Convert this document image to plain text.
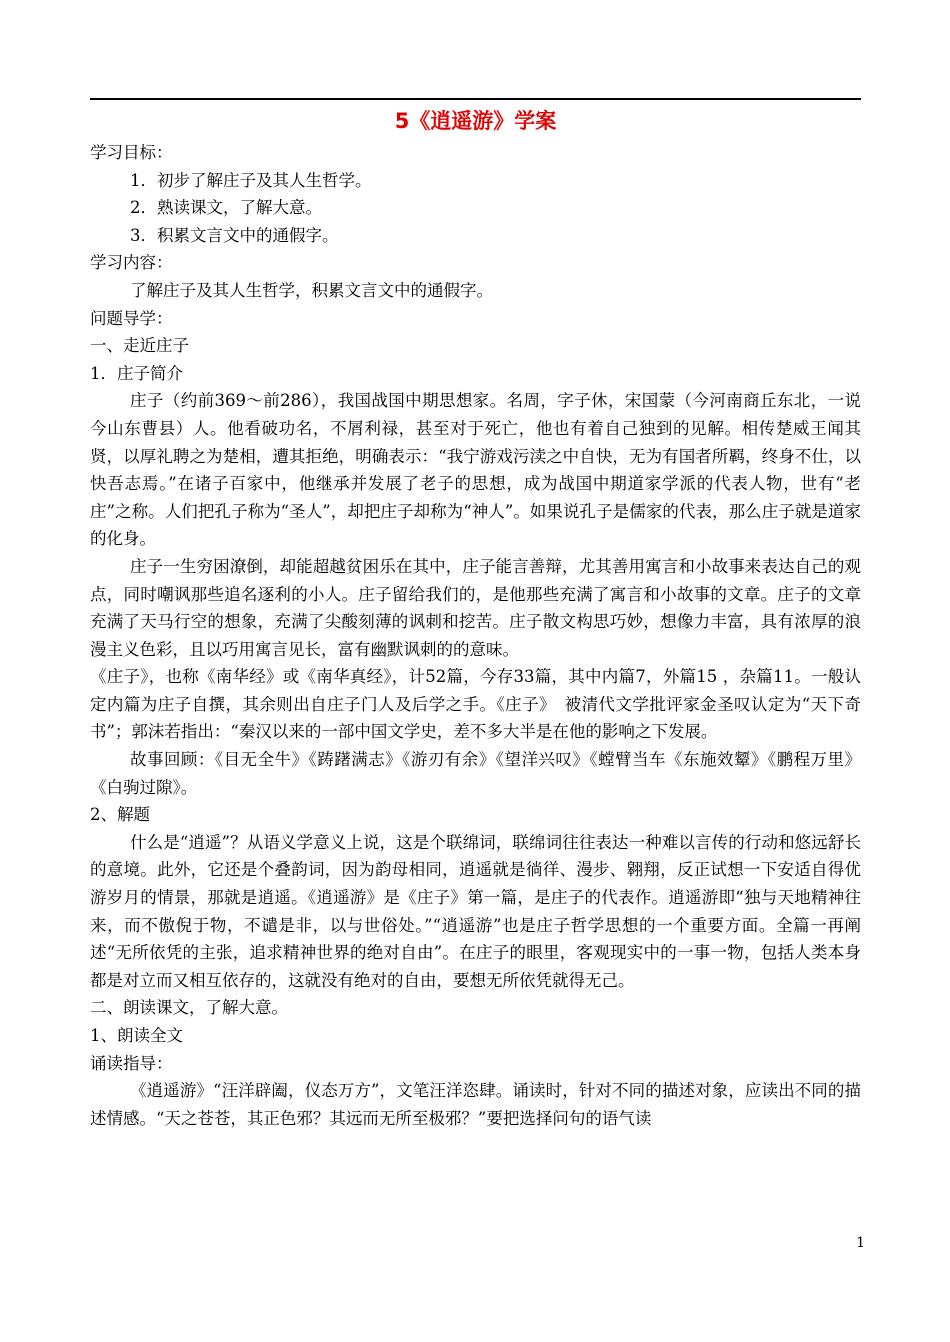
5《逍遥游》学案

学习目标：

1．初步了解庄子及其人生哲学。

2．熟读课文，了解大意。

3．积累文言文中的通假字。

学习内容：

了解庄子及其人生哲学，积累文言文中的通假字。

问题导学：

一、走近庄子

1．庄子简介

庄子（约前369～前286），我国战国中期思想家。名周，字子休，宋国蒙（今河南商丘东北，一说今山东曹县）人。他看破功名，不屑利禄，甚至对于死亡，他也有着自己独到的见解。相传楚威王闻其贤，以厚礼聘之为楚相，遭其拒绝，明确表示：“我宁游戏污渎之中自快，无为有国者所羁，终身不仕，以快吾志焉。”在诸子百家中，他继承并发展了老子的思想，成为战国中期道家学派的代表人物，世有“老庄”之称。人们把孔子称为“圣人”，却把庄子却称为“神人”。如果说孔子是儒家的代表，那么庄子就是道家的化身。

庄子一生穷困潦倒，却能超越贫困乐在其中，庄子能言善辩，尤其善用寓言和小故事来表达自己的观点，同时嘲讽那些追名逐利的小人。庄子留给我们的，是他那些充满了寓言和小故事的文章。庄子的文章充满了天马行空的想象，充满了尖酸刻薄的讽刺和挖苦。庄子散文构思巧妙，想像力丰富，具有浓厚的浪漫主义色彩，且以巧用寓言见长，富有幽默讽刺的的意味。

《庄子》，也称《南华经》或《南华真经》，计52篇，今存33篇，其中内篇7，外篇15 ，杂篇11。一般认定内篇为庄子自撰，其余则出自庄子门人及后学之手。《庄子》　被清代文学批评家金圣叹认定为“天下奇书”；郭沫若指出：“秦汉以来的一部中国文学史，差不多大半是在他的影响之下发展。

故事回顾：《目无全牛》《踌躇满志》《游刃有余》《望洋兴叹》《螳臂当车《东施效颦》《鹏程万里》《白驹过隙》。

2、解题

什么是“逍遥”？从语义学意义上说，这是个联绵词，联绵词往往表达一种难以言传的行动和悠远舒长的意境。此外，它还是个叠韵词，因为韵母相同，逍遥就是徜徉、漫步、翱翔，反正试想一下安适自得优游岁月的情景，那就是逍遥。《逍遥游》是《庄子》第一篇，是庄子的代表作。逍遥游即“独与天地精神往来，而不傲倪于物，不谴是非，以与世俗处。”“逍遥游”也是庄子哲学思想的一个重要方面。全篇一再阐述“无所依凭的主张，追求精神世界的绝对自由”。在庄子的眼里，客观现实中的一事一物，包括人类本身都是对立而又相互依存的，这就没有绝对的自由，要想无所依凭就得无己。

二、朗读课文，了解大意。

1、朗读全文

诵读指导：

《逍遥游》“汪洋辟阖，仪态万方”，文笔汪洋恣肆。诵读时，针对不同的描述对象，应读出不同的描述情感。“天之苍苍，其正色邪？其远而无所至极邪？”要把选择问句的语气读

1
